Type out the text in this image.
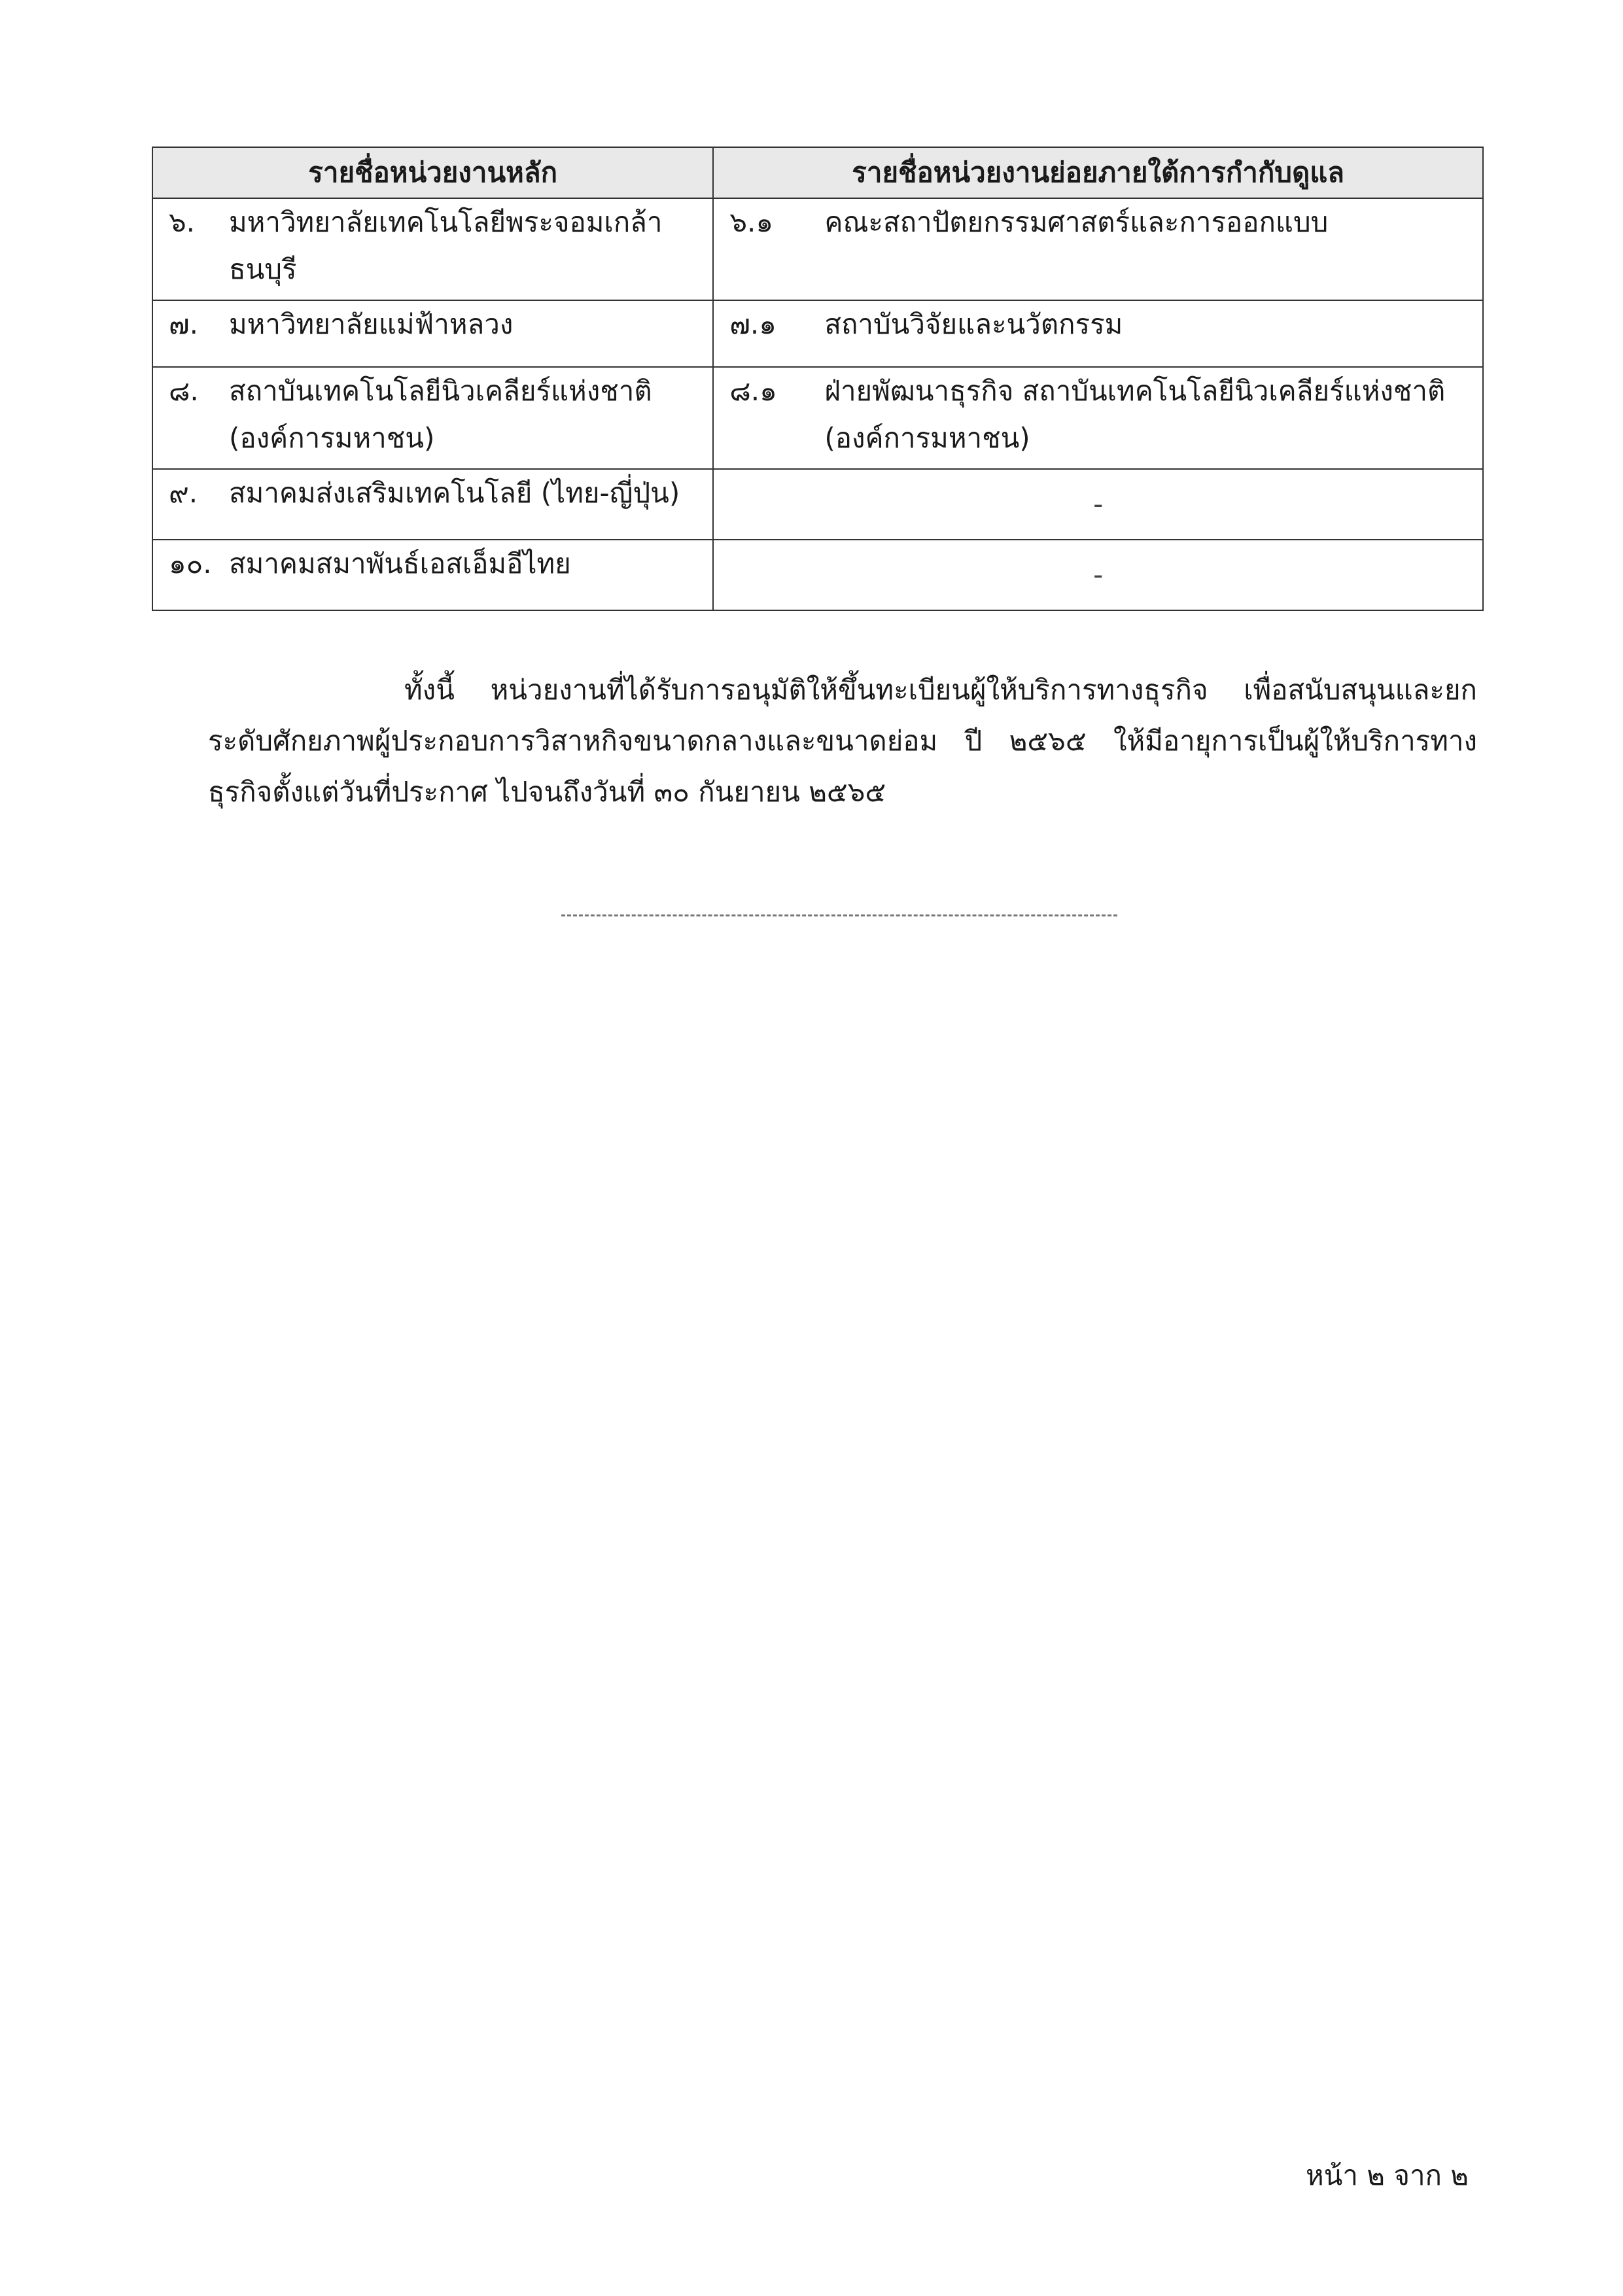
รายชื่อหน่วยงานหลัก	รายชื่อหน่วยงานย่อยภายใต้การกำกับดูแล

๖. มหาวิทยาลัยเทคโนโลยีพระจอมเกล้าธนบุรี	๖.๑ คณะสถาปัตยกรรมศาสตร์และการออกแบบ

๗. มหาวิทยาลัยแม่ฟ้าหลวง	๗.๑ สถาบันวิจัยและนวัตกรรม

๘. สถาบันเทคโนโลยีนิวเคลียร์แห่งชาติ (องค์การมหาชน)	๘.๑ ฝ่ายพัฒนาธุรกิจ สถาบันเทคโนโลยีนิวเคลียร์แห่งชาติ (องค์การมหาชน)

๙. สมาคมส่งเสริมเทคโนโลยี (ไทย-ญี่ปุ่น)	-

๑๐. สมาคมสมาพันธ์เอสเอ็มอีไทย	-

ทั้งนี้ หน่วยงานที่ได้รับการอนุมัติให้ขึ้นทะเบียนผู้ให้บริการทางธุรกิจ เพื่อสนับสนุนและยกระดับศักยภาพผู้ประกอบการวิสาหกิจขนาดกลางและขนาดย่อม ปี ๒๕๖๕ ให้มีอายุการเป็นผู้ให้บริการทางธุรกิจตั้งแต่วันที่ประกาศ ไปจนถึงวันที่ ๓๐ กันยายน ๒๕๖๕

หน้า ๒ จาก ๒
